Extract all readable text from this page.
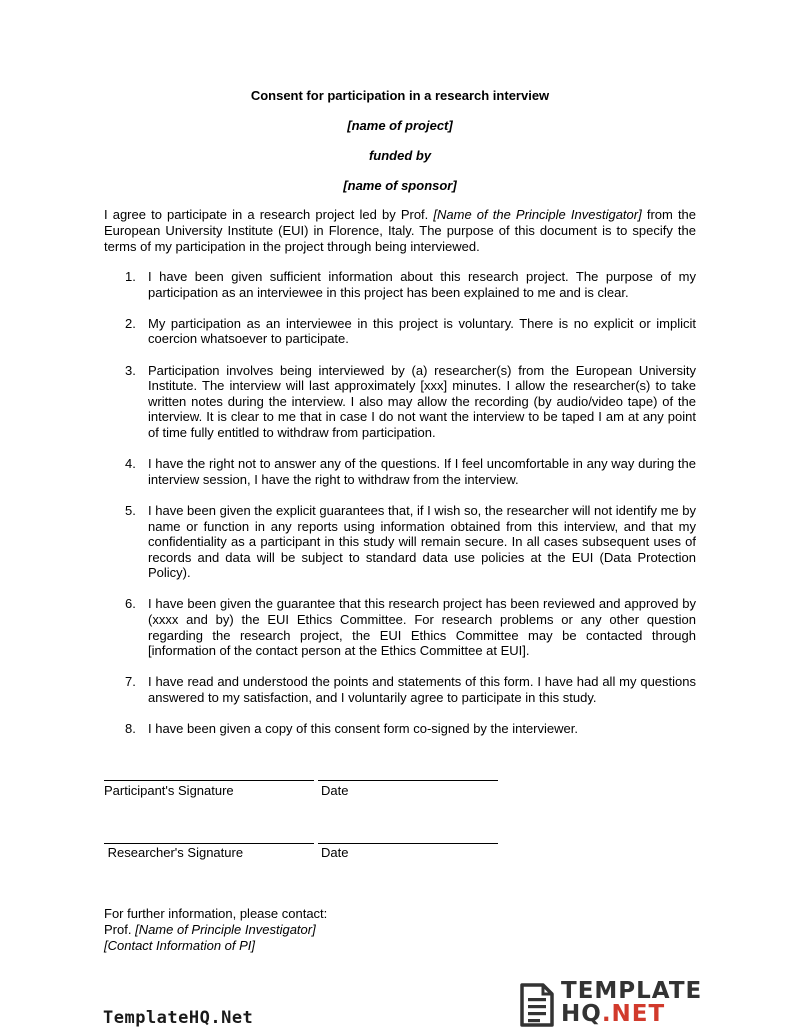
Consent for participation in a research interview
[name of project]
funded by
[name of sponsor]
I agree to participate in a research project led by Prof. [Name of the Principle Investigator] from the European University Institute (EUI) in Florence, Italy. The purpose of this document is to specify the terms of my participation in the project through being interviewed.
1. I have been given sufficient information about this research project. The purpose of my participation as an interviewee in this project has been explained to me and is clear.
2. My participation as an interviewee in this project is voluntary. There is no explicit or implicit coercion whatsoever to participate.
3. Participation involves being interviewed by (a) researcher(s) from the European University Institute. The interview will last approximately [xxx] minutes. I allow the researcher(s) to take written notes during the interview. I also may allow the recording (by audio/video tape) of the interview. It is clear to me that in case I do not want the interview to be taped I am at any point of time fully entitled to withdraw from participation.
4. I have the right not to answer any of the questions. If I feel uncomfortable in any way during the interview session, I have the right to withdraw from the interview.
5. I have been given the explicit guarantees that, if I wish so, the researcher will not identify me by name or function in any reports using information obtained from this interview, and that my confidentiality as a participant in this study will remain secure. In all cases subsequent uses of records and data will be subject to standard data use policies at the EUI (Data Protection Policy).
6. I have been given the guarantee that this research project has been reviewed and approved by (xxxx and by) the EUI Ethics Committee. For research problems or any other question regarding the research project, the EUI Ethics Committee may be contacted through [information of the contact person at the Ethics Committee at EUI].
7. I have read and understood the points and statements of this form. I have had all my questions answered to my satisfaction, and I voluntarily agree to participate in this study.
8. I have been given a copy of this consent form co-signed by the interviewer.
Participant's Signature	Date
Researcher's Signature	Date
For further information, please contact:
Prof. [Name of Principle Investigator]
[Contact Information of PI]
TemplateHQ.Net
TEMPLATE
HQ.NET
